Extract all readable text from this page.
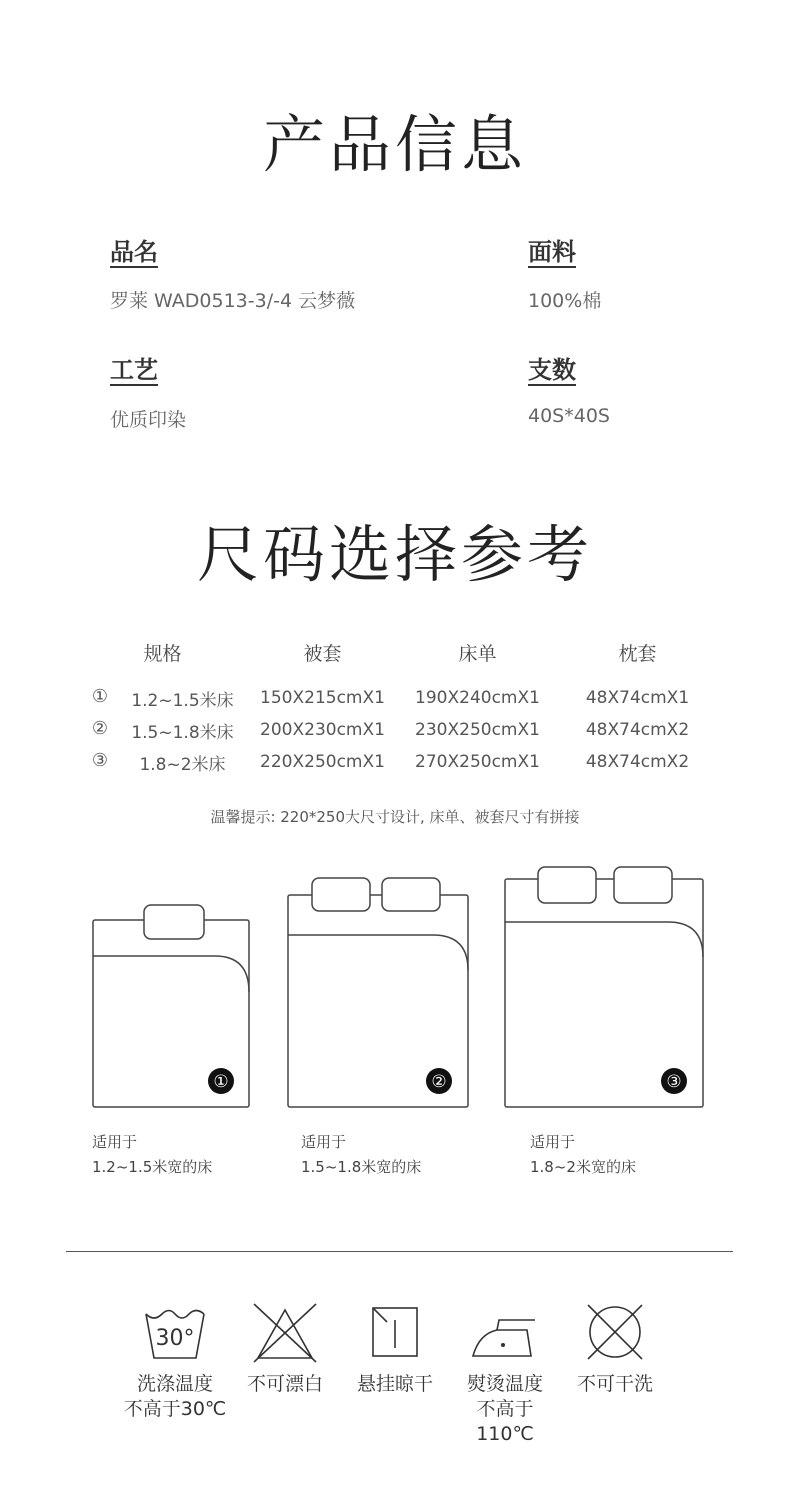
产品信息
品名
罗莱 WAD0513-3/-4 云梦薇
面料
100%棉
工艺
优质印染
支数
40S*40S
尺码选择参考
规格	被套	床单	枕套
①	1.2~1.5米床	150X215cmX1	190X240cmX1	48X74cmX1
②	1.5~1.8米床	200X230cmX1	230X250cmX1	48X74cmX2
③	1.8~2米床	220X250cmX1	270X250cmX1	48X74cmX2
温馨提示: 220*250大尺寸设计, 床单、被套尺寸有拼接
①	②	③
适用于
1.2~1.5米宽的床
适用于
1.5~1.8米宽的床
适用于
1.8~2米宽的床
30°
洗涤温度
不高于30℃
不可漂白	悬挂晾干	熨烫温度
不高于110℃
不可干洗
